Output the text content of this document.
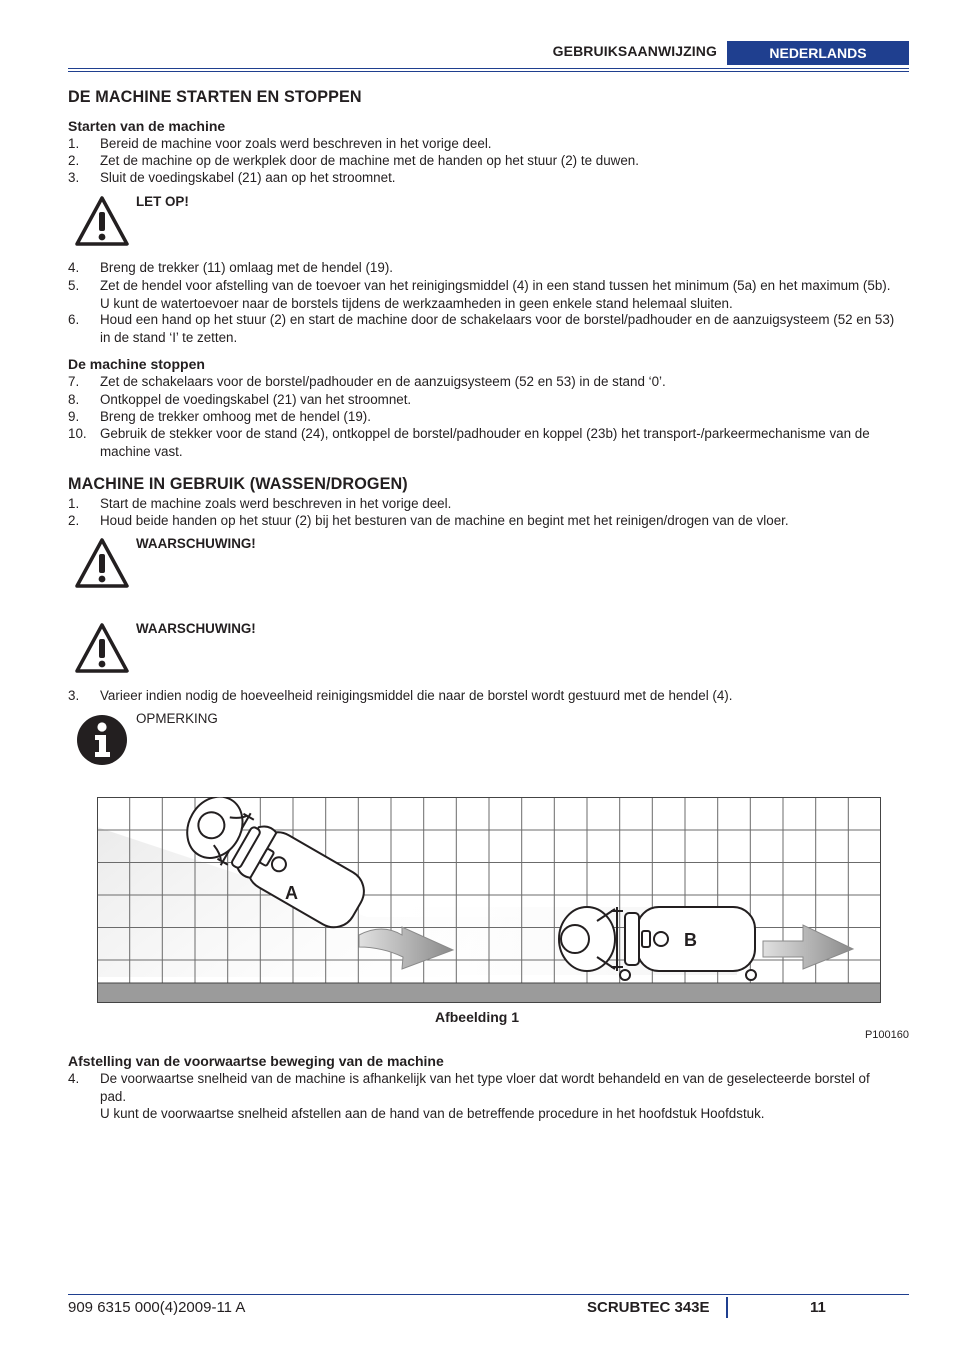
GEBRUIKSAANWIJZING	NEDERLANDS
DE MACHINE STARTEN EN STOPPEN
Starten van de machine
1. Bereid de machine voor zoals werd beschreven in het vorige deel.
2. Zet de machine op de werkplek door de machine met de handen op het stuur (2) te duwen.
3. Sluit de voedingskabel (21) aan op het stroomnet.
LET OP!
4. Breng de trekker (11) omlaag met de hendel (19).
5. Zet de hendel voor afstelling van de toevoer van het reinigingsmiddel (4) in een stand tussen het minimum (5a) en het maximum (5b). U kunt de watertoevoer naar de borstels tijdens de werkzaamheden in geen enkele stand helemaal sluiten.
6. Houd een hand op het stuur (2) en start de machine door de schakelaars voor de borstel/padhouder en de aanzuigsysteem (52 en 53) in de stand ‘I’ te zetten.
De machine stoppen
7. Zet de schakelaars voor de borstel/padhouder en de aanzuigsysteem (52 en 53) in de stand ‘0’.
8. Ontkoppel de voedingskabel (21) van het stroomnet.
9. Breng de trekker omhoog met de hendel (19).
10. Gebruik de stekker voor de stand (24), ontkoppel de borstel/padhouder en koppel (23b) het transport-/parkeermechanisme van de machine vast.
MACHINE IN GEBRUIK (WASSEN/DROGEN)
1. Start de machine zoals werd beschreven in het vorige deel.
2. Houd beide handen op het stuur (2) bij het besturen van de machine en begint met het reinigen/drogen van de vloer.
WAARSCHUWING!
WAARSCHUWING!
3. Varieer indien nodig de hoeveelheid reinigingsmiddel die naar de borstel wordt gestuurd met de hendel (4).
OPMERKING
A
B
Afbeelding 1
P100160
Afstelling van de voorwaartse beweging van de machine
4. De voorwaartse snelheid van de machine is afhankelijk van het type vloer dat wordt behandeld en van de geselecteerde borstel of pad.
U kunt de voorwaartse snelheid afstellen aan de hand van de betreffende procedure in het hoofdstuk Hoofdstuk.
909 6315 000(4)2009-11 A	SCRUBTEC 343E	11
